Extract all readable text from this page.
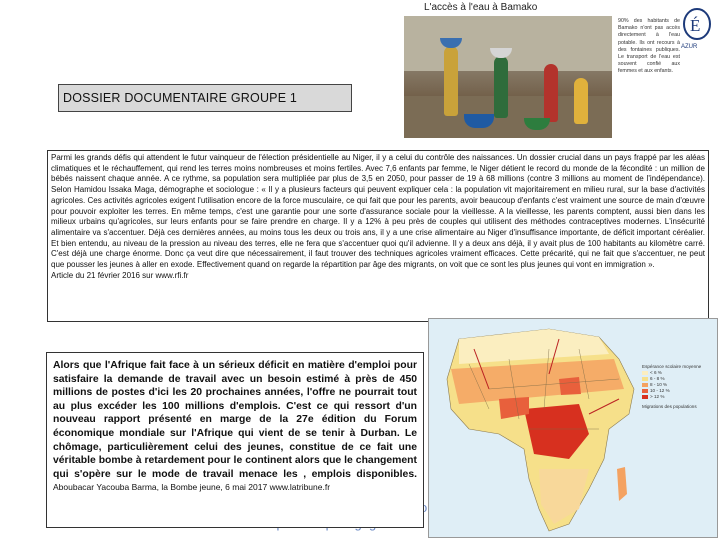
L'accès à l'eau à Bamako
90% des habitants de Bamako n'ont pas accès directement à l'eau potable. Ils ont recours à des fontaines publiques. Le transport de l'eau est souvent confié aux femmes et aux enfants.
É
AZUR
DOSSIER DOCUMENTAIRE GROUPE 1
Parmi les grands défis qui attendent le futur vainqueur de l'élection présidentielle au Niger, il y a celui du contrôle des naissances. Un dossier crucial dans un pays frappé par les aléas climatiques et le réchauffement, qui rend les terres moins nombreuses et moins fertiles. Avec 7,6 enfants par femme, le Niger détient le record du monde de la fécondité : un million de bébés naissent chaque année. A ce rythme, sa population sera multipliée par plus de 3,5 en 2050, pour passer de 19 à 68 millions (contre 3 millions au moment de l'indépendance). Selon Hamidou Issaka Maga, démographe et sociologue : « Il y a plusieurs facteurs qui peuvent expliquer cela : la population vit majoritairement en milieu rural, sur la base d'activités agricoles. Ces activités agricoles exigent l'utilisation encore de la force musculaire, ce qui fait que pour les parents, avoir beaucoup d'enfants c'est vraiment une source de main d'œuvre pour pouvoir exploiter les terres. En même temps, c'est une garantie pour une sorte d'assurance sociale pour la vieillesse. A la vieillesse, les parents comptent, aussi bien dans les milieux urbains qu'agricoles, sur leurs enfants pour se faire prendre en charge. Il y a 12% à peu près de couples qui utilisent des méthodes contraceptives modernes. L'insécurité alimentaire va s'accentuer. Déjà ces dernières années, au moins tous les deux ou trois ans, il y a une crise alimentaire au Niger d'insuffisance importante, de déficit important céréalier. Et bien entendu, au niveau de la pression au niveau des terres, elle ne fera que s'accentuer quoi qu'il advienne. Il y a deux ans déjà, il y avait plus de 100 habitants au kilomètre carré. C'est déjà une charge énorme. Donc ça veut dire que nécessairement, il faut trouver des techniques agricoles vraiment efficaces. Cette précarité, qui ne fait que s'accentuer, ne peut que pousser les jeunes à aller en exode. Effectivement quand on regarde la répartition par âge des migrants, on voit que ce sont les plus jeunes qui vont en immigration ».
Article du 21 février 2016 sur www.rfi.fr
Alors que l'Afrique fait face à un sérieux déficit en matière d'emploi pour satisfaire la demande de travail avec un besoin estimé à près de 450 millions de postes d'ici les 20 prochaines années, l'offre ne pourrait tout au plus excéder les 100 millions d'emplois. C'est ce qui ressort d'un nouveau rapport présenté en marge de la 27e édition du Forum économique mondiale sur l'Afrique qui vient de se tenir à Durban. Le chômage, particulièrement celui des jeunes, constitue de ce fait une véritable bombe à retardement pour le continent alors que le changement qui s'opère sur le mode de travail menace les , emplois disponibles. Aboubacar Yacouba Barma, la Bombe jeune, 6 mai 2017 www.latribune.fr
Espérance scolaire moyenne
< 6 %
6 - 8 %
8 - 10 %
10 - 12 %
> 12 %
Migrations des populations
